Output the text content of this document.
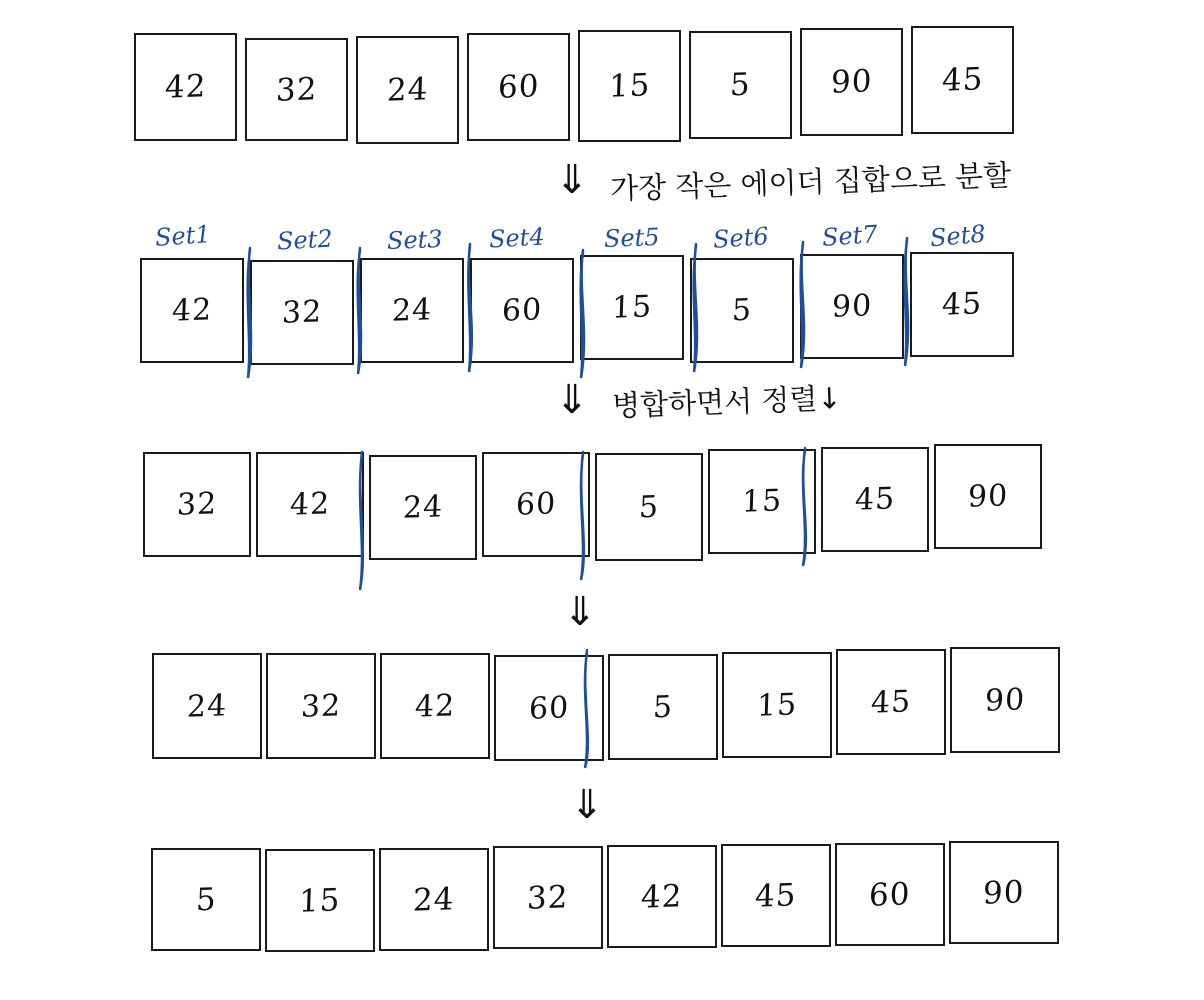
42 32 24 60 15	5	90 45
⇓ 가장 작은 에이더 집합으로 분할
Set1	Set2 Set3 Set4 Set5 Set6 Set7 Set8
42 32 24 60 15	5	90 45
⇓ 병합하면서 정렬↓
32 42 24 60	5	15 45 90
⇓
24 32 42 60	5	15 45 90
⇓
5	15 24 32 42 45 60 90
